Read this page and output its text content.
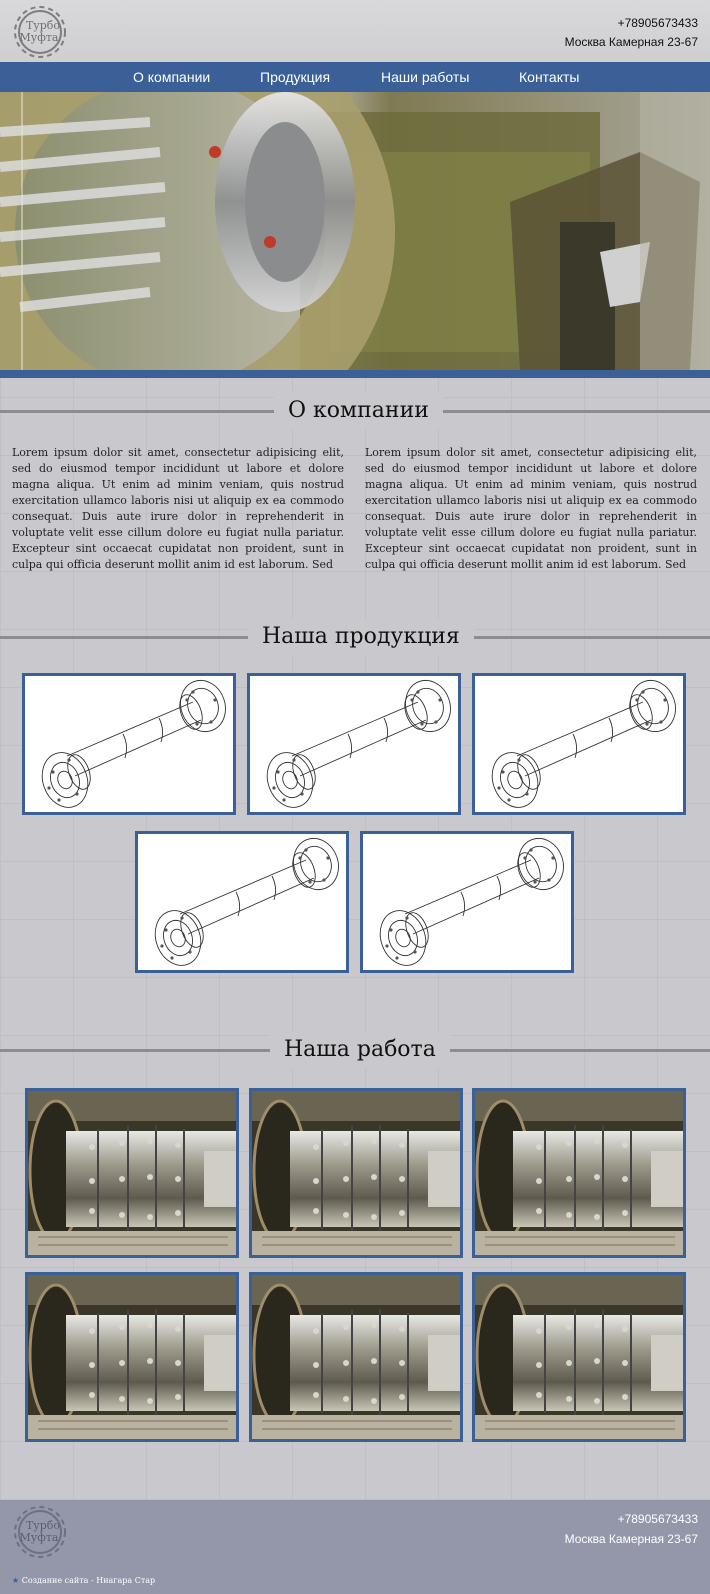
Турбо
Муфта
+78905673433
Москва Камерная 23-67
О компании	Продукция	Наши работы	Контакты
О компании
Lorem ipsum dolor sit amet, consectetur adipisicing elit, sed do eiusmod tempor incididunt ut labore et dolore magna aliqua. Ut enim ad minim veniam, quis nostrud exercitation ullamco laboris nisi ut aliquip ex ea commodo consequat. Duis aute irure dolor in reprehenderit in voluptate velit esse cillum dolore eu fugiat nulla pariatur. Excepteur sint occaecat cupidatat non proident, sunt in culpa qui officia deserunt mollit anim id est laborum. Sed
Lorem ipsum dolor sit amet, consectetur adipisicing elit, sed do eiusmod tempor incididunt ut labore et dolore magna aliqua. Ut enim ad minim veniam, quis nostrud exercitation ullamco laboris nisi ut aliquip ex ea commodo consequat. Duis aute irure dolor in reprehenderit in voluptate velit esse cillum dolore eu fugiat nulla pariatur. Excepteur sint occaecat cupidatat non proident, sunt in culpa qui officia deserunt mollit anim id est laborum. Sed
Наша продукция
Наша работа
Турбо
Муфта
+78905673433
Москва Камерная 23-67
★ Создание сайта - Ниагара Стар
